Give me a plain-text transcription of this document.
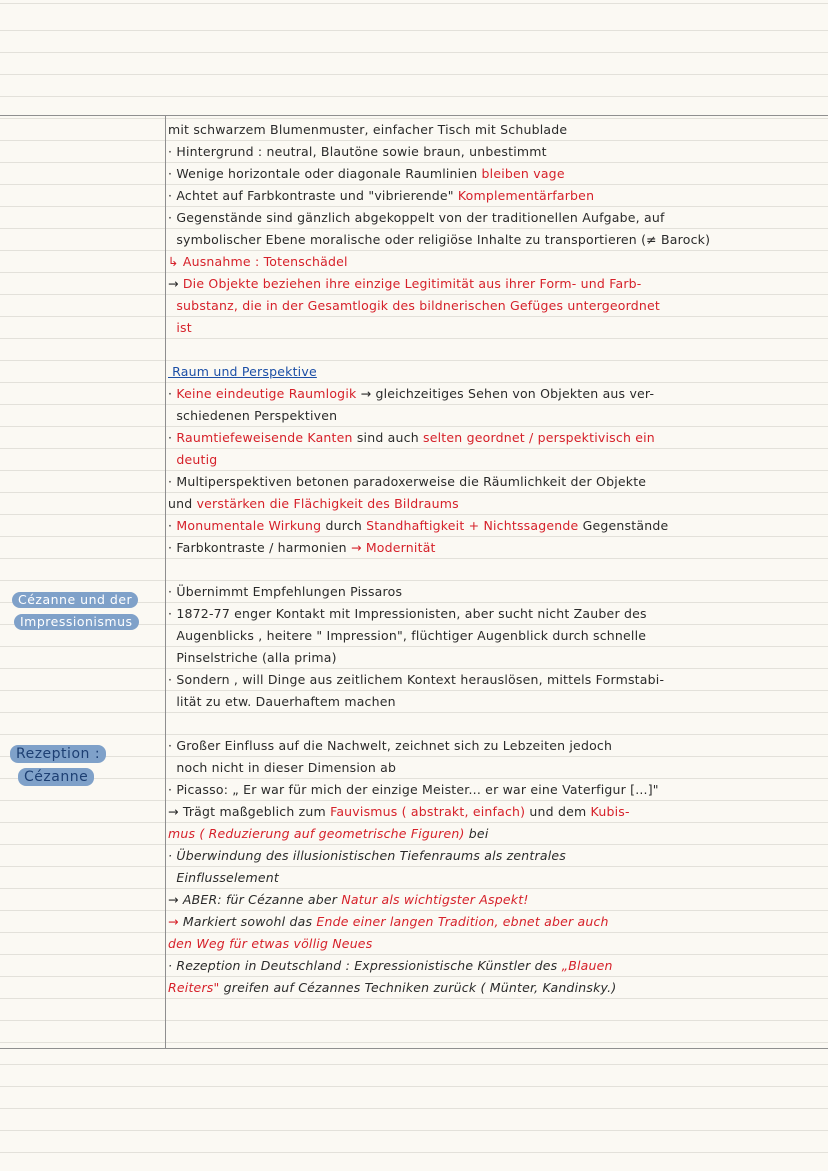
Cézanne und der
Impressionismus
Rezeption :
Cézanne
mit schwarzem Blumenmuster, einfacher Tisch mit Schublade
· Hintergrund : neutral, Blautöne sowie braun, unbestimmt
· Wenige horizontale oder diagonale Raumlinien bleiben vage
· Achtet auf Farbkontraste und "vibrierende" Komplementärfarben
· Gegenstände sind gänzlich abgekoppelt von der traditionellen Aufgabe, auf
symbolischer Ebene moralische oder religiöse Inhalte zu transportieren (≠ Barock)
↳ Ausnahme : Totenschädel
→ Die Objekte beziehen ihre einzige Legitimität aus ihrer Form- und Farb-
substanz, die in der Gesamtlogik des bildnerischen Gefüges untergeordnet
ist
Raum und Perspektive
· Keine eindeutige Raumlogik → gleichzeitiges Sehen von Objekten aus ver-
schiedenen Perspektiven
· Raumtiefeweisende Kanten sind auch selten geordnet / perspektivisch ein
deutig
· Multiperspektiven betonen paradoxerweise die Räumlichkeit der Objekte
und verstärken die Flächigkeit des Bildraums
· Monumentale Wirkung durch Standhaftigkeit + Nichtssagende Gegenstände
· Farbkontraste / harmonien → Modernität
· Übernimmt Empfehlungen Pissaros
· 1872-77 enger Kontakt mit Impressionisten, aber sucht nicht Zauber des
Augenblicks , heitere " Impression", flüchtiger Augenblick durch schnelle
Pinselstriche (alla prima)
· Sondern , will Dinge aus zeitlichem Kontext herauslösen, mittels Formstabi-
lität zu etw. Dauerhaftem machen
· Großer Einfluss auf die Nachwelt, zeichnet sich zu Lebzeiten jedoch
noch nicht in dieser Dimension ab
· Picasso: „ Er war für mich der einzige Meister... er war eine Vaterfigur [...]"
→ Trägt maßgeblich zum Fauvismus ( abstrakt, einfach) und dem Kubis-
mus ( Reduzierung auf geometrische Figuren) bei
· Überwindung des illusionistischen Tiefenraums als zentrales
Einflusselement
→ ABER: für Cézanne aber Natur als wichtigster Aspekt!
→ Markiert sowohl das Ende einer langen Tradition, ebnet aber auch
den Weg für etwas völlig Neues
· Rezeption in Deutschland : Expressionistische Künstler des „Blauen
Reiters" greifen auf Cézannes Techniken zurück ( Münter, Kandinsky.)
